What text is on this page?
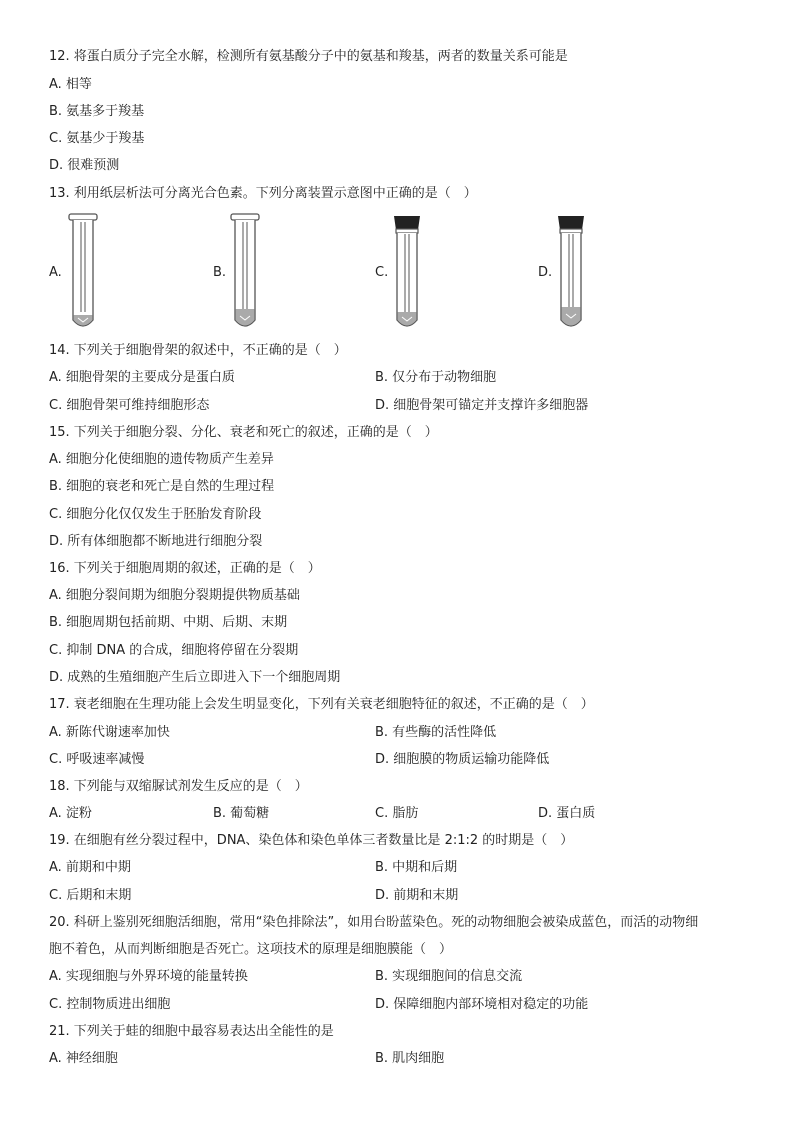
12. 将蛋白质分子完全水解，检测所有氨基酸分子中的氨基和羧基，两者的数量关系可能是
A. 相等
B. 氨基多于羧基
C. 氨基少于羧基
D. 很难预测
13. 利用纸层析法可分离光合色素。下列分离装置示意图中正确的是（　）
A.	B.	C.	D.
14. 下列关于细胞骨架的叙述中，不正确的是（　）
A. 细胞骨架的主要成分是蛋白质	B. 仅分布于动物细胞
C. 细胞骨架可维持细胞形态	D. 细胞骨架可锚定并支撑许多细胞器
15. 下列关于细胞分裂、分化、衰老和死亡的叙述，正确的是（　）
A. 细胞分化使细胞的遗传物质产生差异
B. 细胞的衰老和死亡是自然的生理过程
C. 细胞分化仅仅发生于胚胎发育阶段
D. 所有体细胞都不断地进行细胞分裂
16. 下列关于细胞周期的叙述，正确的是（　）
A. 细胞分裂间期为细胞分裂期提供物质基础
B. 细胞周期包括前期、中期、后期、末期
C. 抑制 DNA 的合成，细胞将停留在分裂期
D. 成熟的生殖细胞产生后立即进入下一个细胞周期
17. 衰老细胞在生理功能上会发生明显变化，下列有关衰老细胞特征的叙述，不正确的是（　）
A. 新陈代谢速率加快	B. 有些酶的活性降低
C. 呼吸速率减慢	D. 细胞膜的物质运输功能降低
18. 下列能与双缩脲试剂发生反应的是（　）
A. 淀粉	B. 葡萄糖	C. 脂肪	D. 蛋白质
19. 在细胞有丝分裂过程中，DNA、染色体和染色单体三者数量比是 2:1:2 的时期是（　）
A. 前期和中期	B. 中期和后期
C. 后期和末期	D. 前期和末期
20. 科研上鉴别死细胞活细胞，常用“染色排除法”，如用台盼蓝染色。死的动物细胞会被染成蓝色，而活的动物细
胞不着色，从而判断细胞是否死亡。这项技术的原理是细胞膜能（　）
A. 实现细胞与外界环境的能量转换	B. 实现细胞间的信息交流
C. 控制物质进出细胞	D. 保障细胞内部环境相对稳定的功能
21. 下列关于蛙的细胞中最容易表达出全能性的是
A. 神经细胞	B. 肌肉细胞
